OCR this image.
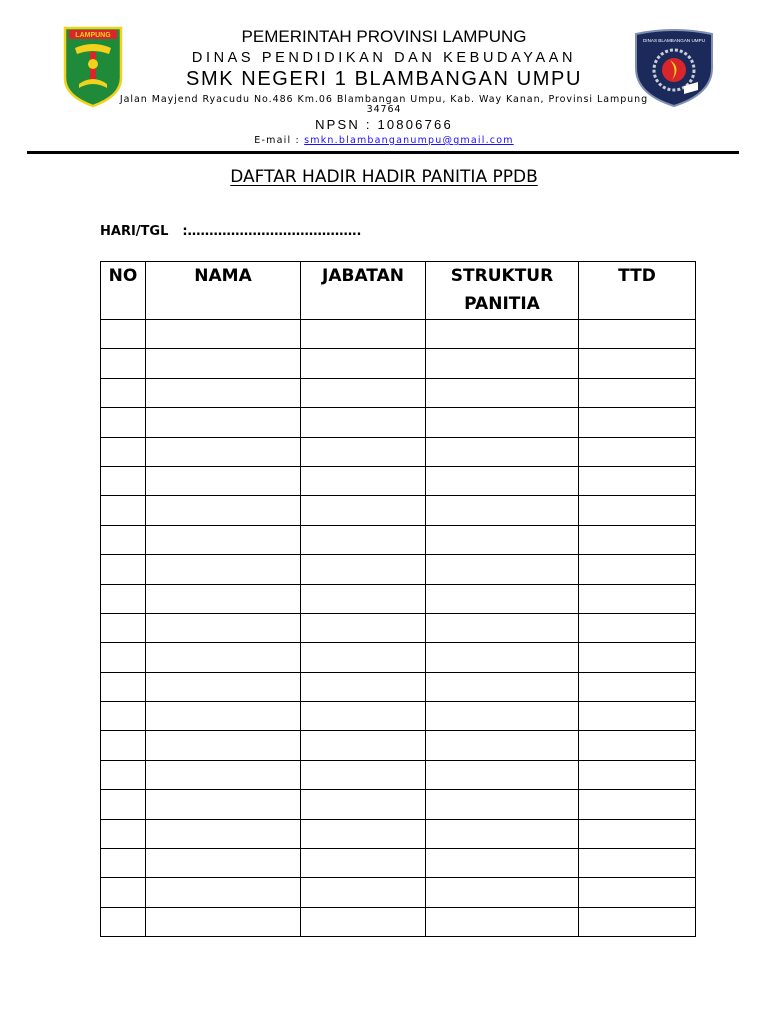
LAMPUNG
DINAS BLAMBANGAN UMPU
PEMERINTAH PROVINSI LAMPUNG
DINAS PENDIDIKAN DAN KEBUDAYAAN
SMK NEGERI 1 BLAMBANGAN UMPU
Jalan Mayjend Ryacudu No.486 Km.06 Blambangan Umpu, Kab. Way Kanan, Provinsi Lampung
34764
NPSN : 10806766
E-mail : smkn.blambanganumpu@gmail.com
DAFTAR HADIR HADIR PANITIA PPDB
HARI/TGL :………………………………….
NO	NAMA	JABATAN	STRUKTUR PANITIA	TTD
